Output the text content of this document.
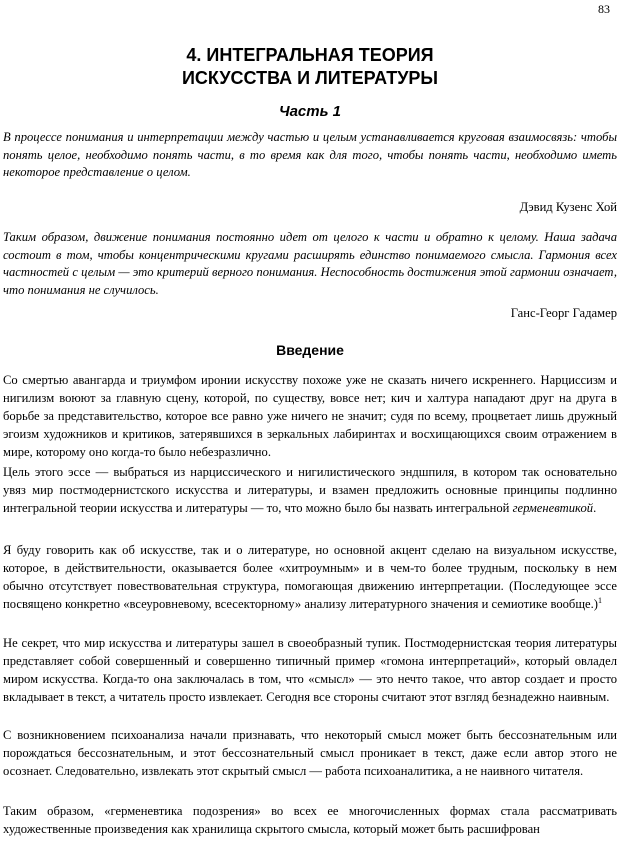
83
4. ИНТЕГРАЛЬНАЯ ТЕОРИЯ
ИСКУССТВА И ЛИТЕРАТУРЫ
Часть 1
В процессе понимания и интерпретации между частью и целым устанавливается круговая взаимосвязь: чтобы понять целое, необходимо понять части, в то время как для того, чтобы понять части, необходимо иметь некоторое представление о целом.
Дэвид Кузенс Хой
Таким образом, движение понимания постоянно идет от целого к части и обратно к целому. Наша задача состоит в том, чтобы концентрическими кругами расширять единство понимаемого смысла. Гармония всех частностей с целым — это критерий верного понимания. Неспособность достижения этой гармонии означает, что понимания не случилось.
Ганс-Георг Гадамер
Введение

Со смертью авангарда и триумфом иронии искусству похоже уже не сказать ничего искреннего. Нарциссизм и нигилизм воюют за главную сцену, которой, по существу, вовсе нет; кич и халтура нападают друг на друга в борьбе за представительство, которое все равно уже ничего не значит; судя по всему, процветает лишь дружный эгоизм художников и критиков, затерявшихся в зеркальных лабиринтах и восхищающихся своим отражением в мире, которому оно когда-то было небезразлично.

Цель этого эссе — выбраться из нарциссического и нигилистического эндшпиля, в котором так основательно увяз мир постмодернистского искусства и литературы, и взамен предложить основные принципы подлинно интегральной теории искусства и литературы — то, что можно было бы назвать интегральной герменевтикой.

Я буду говорить как об искусстве, так и о литературе, но основной акцент сделаю на визуальном искусстве, которое, в действительности, оказывается более «хитроумным» и в чем-то более трудным, поскольку в нем обычно отсутствует повествовательная структура, помогающая движению интерпретации. (Последующее эссе посвящено конкретно «всеуровневому, всесекторному» анализу литературного значения и семиотике вообще.)$^1$

Не секрет, что мир искусства и литературы зашел в своеобразный тупик. Постмодернистская теория литературы представляет собой совершенный и совершенно типичный пример «гомона интерпретаций», который овладел миром искусства. Когда-то она заключалась в том, что «смысл» — это нечто такое, что автор создает и просто вкладывает в текст, а читатель просто извлекает. Сегодня все стороны считают этот взгляд безнадежно наивным.

С возникновением психоанализа начали признавать, что некоторый смысл может быть бессознательным или порождаться бессознательным, и этот бессознательный смысл проникает в текст, даже если автор этого не осознает. Следовательно, извлекать этот скрытый смысл — работа психоаналитика, а не наивного читателя.

Таким образом, «герменевтика подозрения» во всех ее многочисленных формах стала рассматривать художественные произведения как хранилища скрытого смысла, который может быть расшифрован
